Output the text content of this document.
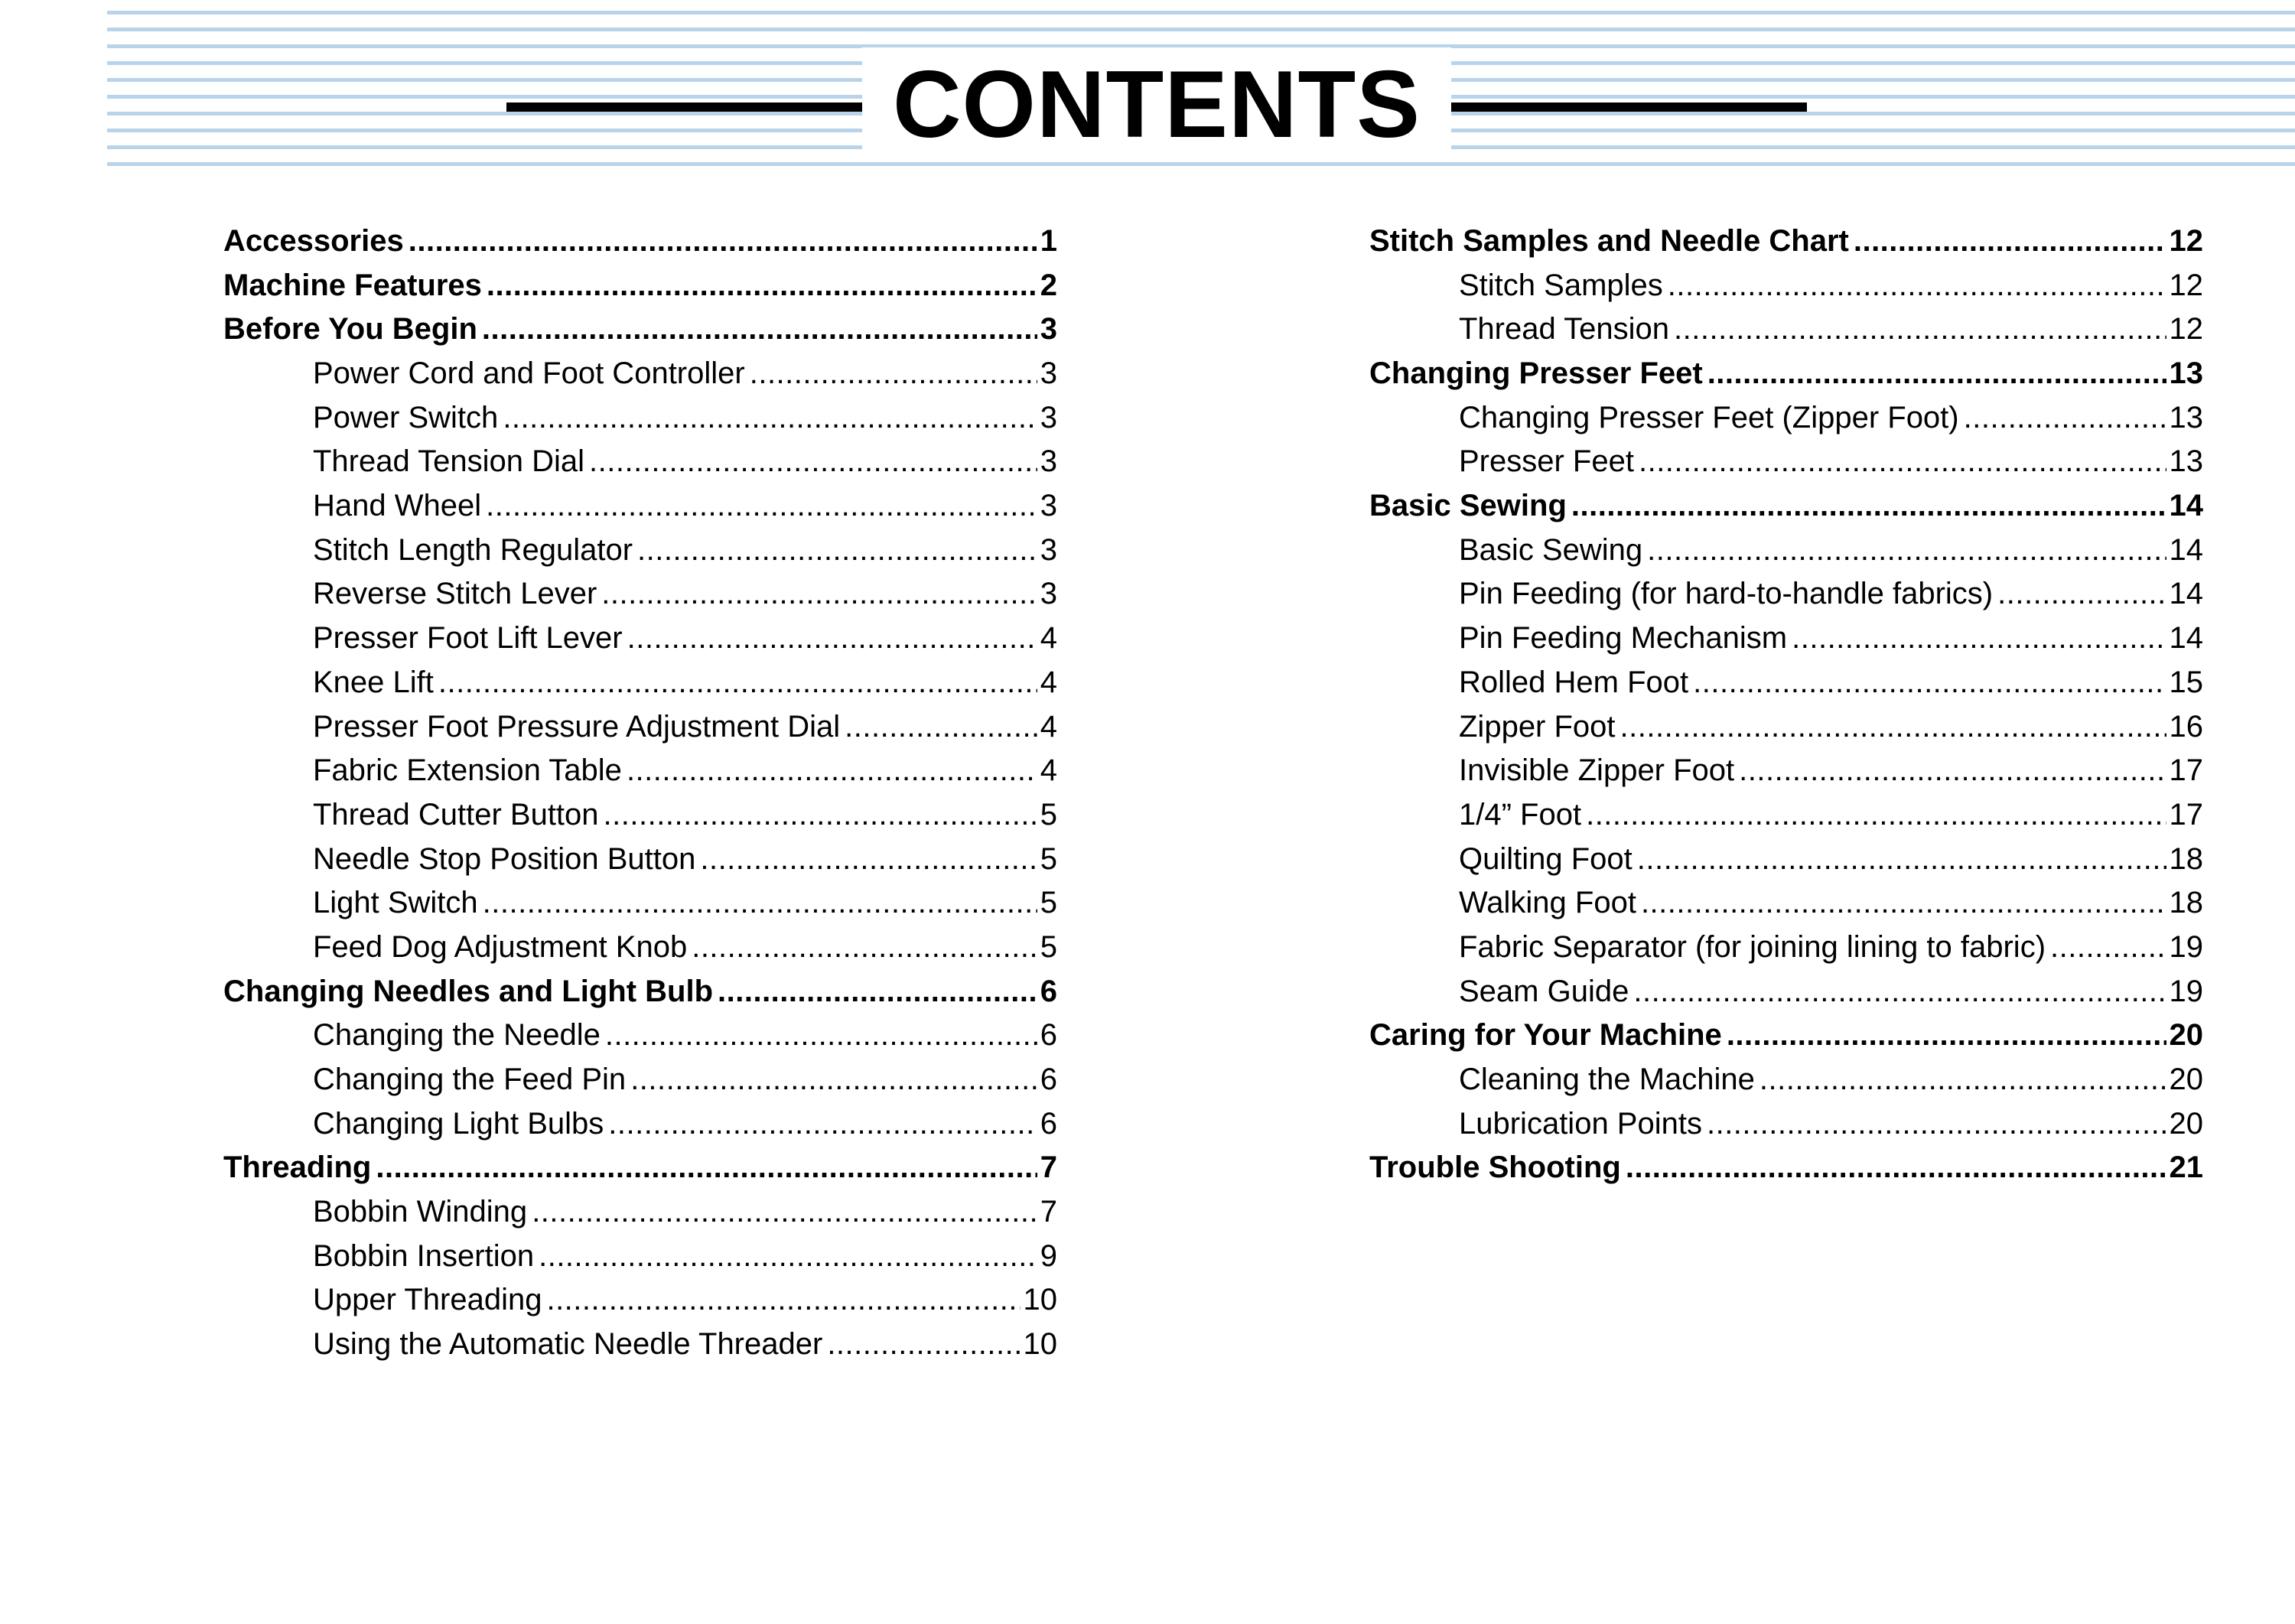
CONTENTS
Accessories .....	1
Machine Features .....	2
Before You Begin .....	3
Power Cord and Foot Controller .....	3
Power Switch .....	3
Thread Tension Dial .....	3
Hand Wheel .....	3
Stitch Length Regulator .....	3
Reverse Stitch Lever .....	3
Presser Foot Lift Lever .....	4
Knee Lift .....	4
Presser Foot Pressure Adjustment Dial .....	4
Fabric Extension Table .....	4
Thread Cutter Button .....	5
Needle Stop Position Button .....	5
Light Switch .....	5
Feed Dog Adjustment Knob .....	5
Changing Needles and Light Bulb .....	6
Changing the Needle .....	6
Changing the Feed Pin .....	6
Changing Light Bulbs .....	6
Threading .....	7
Bobbin Winding .....	7
Bobbin Insertion .....	9
Upper Threading .....	10
Using the Automatic Needle Threader .....	10
Stitch Samples and Needle Chart .....	12
Stitch Samples .....	12
Thread Tension .....	12
Changing Presser Feet .....	13
Changing Presser Feet (Zipper Foot) .....	13
Presser Feet .....	13
Basic Sewing .....	14
Basic Sewing .....	14
Pin Feeding (for hard-to-handle fabrics) .....	14
Pin Feeding Mechanism .....	14
Rolled Hem Foot .....	15
Zipper Foot .....	16
Invisible Zipper Foot .....	17
1/4” Foot .....	17
Quilting Foot .....	18
Walking Foot .....	18
Fabric Separator (for joining lining to fabric) .....	19
Seam Guide .....	19
Caring for Your Machine .....	20
Cleaning the Machine .....	20
Lubrication Points .....	20
Trouble Shooting .....	21
